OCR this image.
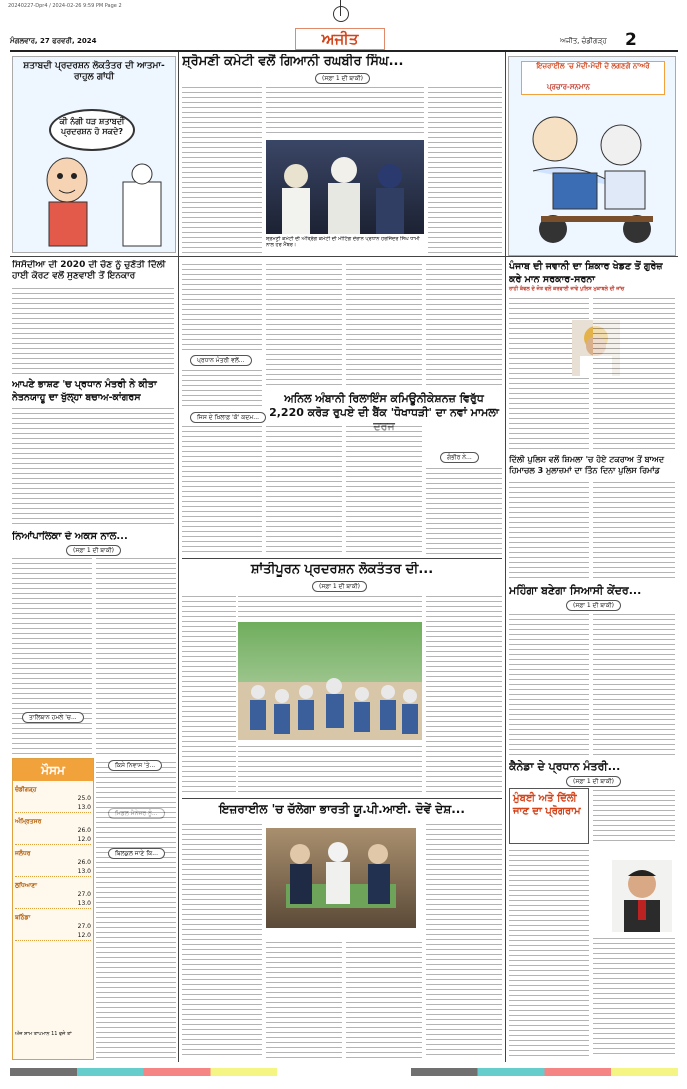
20240227-Dpr4 / 2024-02-26 9:59 PM Page 2
ਮੰਗਲਵਾਰ, 27 ਫਰਵਰੀ, 2024	ਅਜੀਤ	ਅਜੀਤ, ਚੰਡੀਗੜ੍ਹ 2
ਸ਼ਤਾਬਦੀ ਪ੍ਰਦਰਸ਼ਨ ਲੋਕਤੰਤਰ ਦੀ ਆਤਮਾ-ਰਾਹੁਲ ਗਾਂਧੀ
ਕੀ ਨੰਗੀ ਧੜ ਸ਼ਤਾਬਦੀ ਪ੍ਰਦਰਸ਼ਨ ਹੋ ਸਕਦੇ?
ਸ਼੍ਰੋਮਣੀ ਕਮੇਟੀ ਵਲੋਂ ਗਿਆਨੀ ਰਘਬੀਰ ਸਿੰਘ...
(ਸਫ਼ਾ 1 ਦੀ ਬਾਕੀ)
ਸ਼੍ਰੋਮਣੀ ਕਮੇਟੀ ਦੀ ਅੰਤ੍ਰਿੰਗ ਕਮੇਟੀ ਦੀ ਮੀਟਿੰਗ ਦੌਰਾਨ ਪ੍ਰਧਾਨ ਹਰਜਿੰਦਰ ਸਿੰਘ ਧਾਮੀ ਨਾਲ ਹੋਰ ਮੈਂਬਰ।
ਇਜ਼ਰਾਈਲ 'ਚ ਮੋਦੀ-ਮੋਦੀ ਦੇ ਲਗਣਗੇ ਨਾਅਰੇ
ਪ੍ਰਚਾਰ-ਸਨਮਾਨ
ਸਿਸੋਦੀਆ ਦੀ 2020 ਦੀ ਚੋਣ ਨੂੰ ਚੁਣੌਤੀ ਦਿੱਲੀ ਹਾਈ ਕੋਰਟ ਵਲੋਂ ਸੁਣਵਾਈ ਤੋਂ ਇਨਕਾਰ
ਆਪਣੇ ਭਾਸ਼ਣ 'ਚ ਪ੍ਰਧਾਨ ਮੰਤਰੀ ਨੇ ਕੀਤਾ ਨੇਤਨਯਾਹੂ ਦਾ ਖੁੱਲ੍ਹਾ ਬਚਾਅ-ਕਾਂਗਰਸ
ਨਿਆਂਪਾਲਿਕਾ ਦੇ ਅਕਸ ਨਾਲ...
(ਸਫ਼ਾ 1 ਦੀ ਬਾਕੀ)
ਤਾਲਿਬਾਨ ਹਮਲੇ 'ਚ...
ਮੌਸਮ
ਚੰਡੀਗੜ੍ਹ
25.0
13.0
ਅੰਮ੍ਰਿਤਸਰ
26.0
12.0
ਜਲੰਧਰ
26.0
13.0
ਲੁਧਿਆਣਾ
27.0
13.0
ਬਠਿੰਡਾ
27.0
12.0
ਅੱਜ ਸ਼ਾਮ ਤਾਪਮਾਨ 11 ਵਜੇ ਤਾਂ
ਪ੍ਰਧਾਨ ਮੰਤਰੀ ਵਲੋਂ...
ਜਿਸ ਦੇ ਖ਼ਿਲਾਫ਼ 'ਕੋ' ਕਦਮ...
ਅਨਿਲ ਅੰਬਾਨੀ ਰਿਲਾਇੰਸ ਕਮਿਊਨੀਕੇਸ਼ਨਜ਼ ਵਿਰੁੱਧ 2,220 ਕਰੋੜ ਰੁਪਏ ਦੀ ਬੈਂਕ 'ਧੋਖਾਧੜੀ' ਦਾ ਨਵਾਂ ਮਾਮਲਾ
ਗੰਭੀਰ ਨੇ...
ਸ਼ਾਂਤੀਪੂਰਨ ਪ੍ਰਦਰਸ਼ਨ ਲੋਕਤੰਤਰ ਦੀ...
(ਸਫ਼ਾ 1 ਦੀ ਬਾਕੀ)
ਬਿਲਕੁਲ ਜਾਣੇ ਕਿ...
ਇਜ਼ਰਾਈਲ 'ਚ ਚੱਲੇਗਾ ਭਾਰਤੀ ਯੂ.ਪੀ.ਆਈ. ਦੋਵੇਂ ਦੇਸ਼...
ਪੰਜਾਬ ਦੀ ਜਵਾਨੀ ਦਾ ਸ਼ਿਕਾਰ ਖੇਡਣ ਤੋਂ ਗੁਰੇਜ਼ ਕਰੇ ਮਾਨ ਸਰਕਾਰ-ਸਰਨਾ
ਰਾਹੀ ਕੰਵਲ ਦੇ ਜੋਤ ਵਲੋਂ ਕਰਵਾਈ ਜਾਵੇ ਪੁਲਿਸ ਮੁਕਾਬਲੇ ਦੀ ਜਾਂਚ
ਦਿੱਲੀ ਪੁਲਿਸ ਵਲੋਂ ਸ਼ਿਮਲਾ 'ਚ ਹੋਏ ਟਕਰਾਅ ਤੋਂ ਬਾਅਦ ਹਿਮਾਚਲ 3 ਮੁਲਾਜ਼ਮਾਂ ਦਾ ਤਿੰਨ ਦਿਨਾ ਪੁਲਿਸ ਰਿਮਾਂਡ
ਮਹਿੰਗਾ ਬਣੇਗਾ ਸਿਆਸੀ ਕੇਂਦਰ...
(ਸਫ਼ਾ 1 ਦੀ ਬਾਕੀ)
ਕੈਨੇਡਾ ਦੇ ਪ੍ਰਧਾਨ ਮੰਤਰੀ...
(ਸਫ਼ਾ 1 ਦੀ ਬਾਕੀ)
ਮੁੰਬਈ ਅਤੇ ਦਿੱਲੀ ਜਾਣ ਦਾ ਪ੍ਰੋਗਰਾਮ
ਕਿਸੇ ਨਿਵਾਸ 'ਤੇ...
